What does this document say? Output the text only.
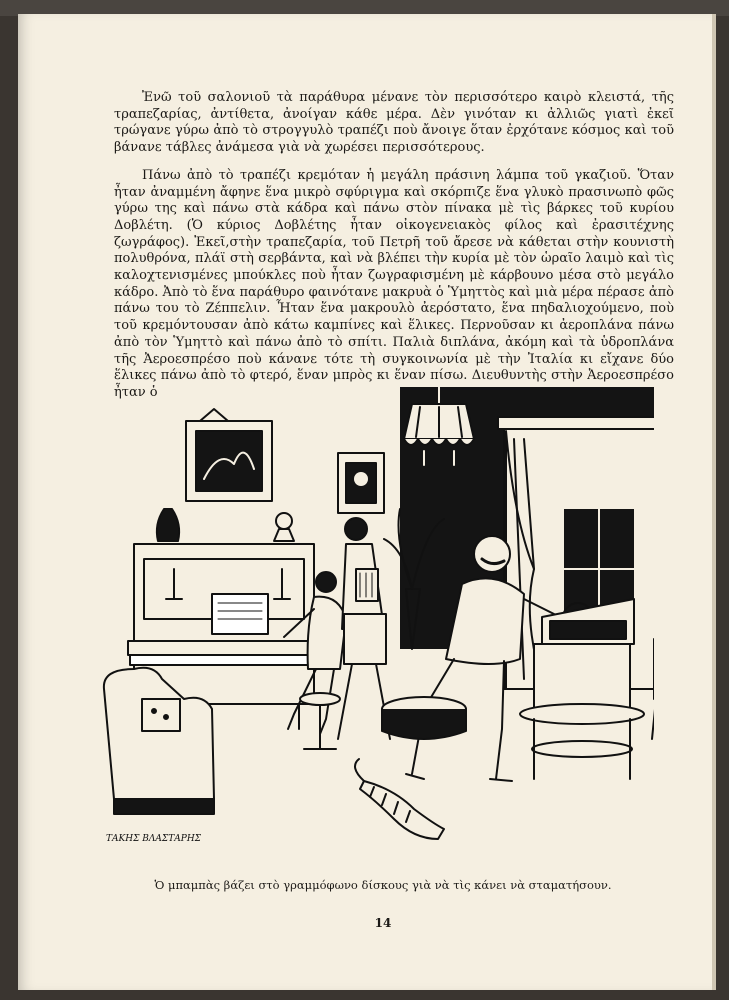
Ἐνῶ τοῦ σαλονιοῦ τὰ παράθυρα μένανε τὸν περισσότερο καιρὸ κλειστά, τῆς τραπεζαρίας, ἀντίθετα, ἀνοίγαν κάθε μέρα. Δὲν γινόταν κι ἀλλιῶς γιατὶ ἐκεῖ τρώγανε γύρω ἀπὸ τὸ στρογγυλὸ τραπέζι ποὺ ἄνοιγε ὅταν ἐρχότανε κόσμος καὶ τοῦ βάνανε τάβλες ἀνάμεσα γιὰ νὰ χωρέσει περισσότερους.

Πάνω ἀπὸ τὸ τραπέζι κρεμόταν ἡ μεγάλη πράσινη λάμπα τοῦ γκαζιοῦ. Ὅταν ἦταν ἀναμμένη ἄφηνε ἕνα μικρὸ σφύριγμα καὶ σκόρπιζε ἕνα γλυκὸ πρασινωπὸ φῶς γύρω της καὶ πάνω στὰ κάδρα καὶ πάνω στὸν πίνακα μὲ τὶς βάρκες τοῦ κυρίου Δοβλέτη. (Ὁ κύριος Δοβλέτης ἦταν οἰκογενειακὸς φίλος καὶ ἐρασιτέχνης ζωγράφος). Ἐκεῖ,στὴν τραπεζαρία, τοῦ Πετρῆ τοῦ ἄρεσε νὰ κάθεται στὴν κουνιστὴ πολυθρόνα, πλάϊ στὴ σερβάντα, καὶ νὰ βλέπει τὴν κυρία μὲ τὸν ὡραῖο λαιμὸ καὶ τὶς καλοχτενισμένες μπούκλες ποὺ ἦταν ζωγραφισμένη μὲ κάρβουνο μέσα στὸ μεγάλο κάδρο. Ἀπὸ τὸ ἕνα παράθυρο φαινότανε μακρυὰ ὁ Ὑμηττὸς καὶ μιὰ μέρα πέρασε ἀπὸ πάνω του τὸ Ζέππελιν. Ἦταν ἕνα μακρουλὸ ἀερόστατο, ἕνα πηδαλιοχούμενο, ποὺ τοῦ κρεμόντουσαν ἀπὸ κάτω καμπίνες καὶ ἕλικες. Περνοῦσαν κι ἀεροπλάνα πάνω ἀπὸ τὸν Ὑμηττὸ καὶ πάνω ἀπὸ τὸ σπίτι. Παλιὰ διπλάνα, ἀκόμη καὶ τὰ ὑδροπλάνα τῆς Ἀεροεσπρέσο ποὺ κάνανε τότε τὴ συγκοινωνία μὲ τὴν Ἰταλία κι εἴχανε δύο ἕλικες πάνω ἀπὸ τὸ φτερό, ἕναν μπρὸς κι ἕναν πίσω. Διευθυντὴς στὴν Ἀεροεσπρέσο ἦταν ὁ

ΤΑΚΗΣ ΒΛΑΣΤΑΡΗΣ
Ὁ μπαμπὰς βάζει στὸ γραμμόφωνο δίσκους γιὰ νὰ τὶς κάνει νὰ σταματήσουν.
14
